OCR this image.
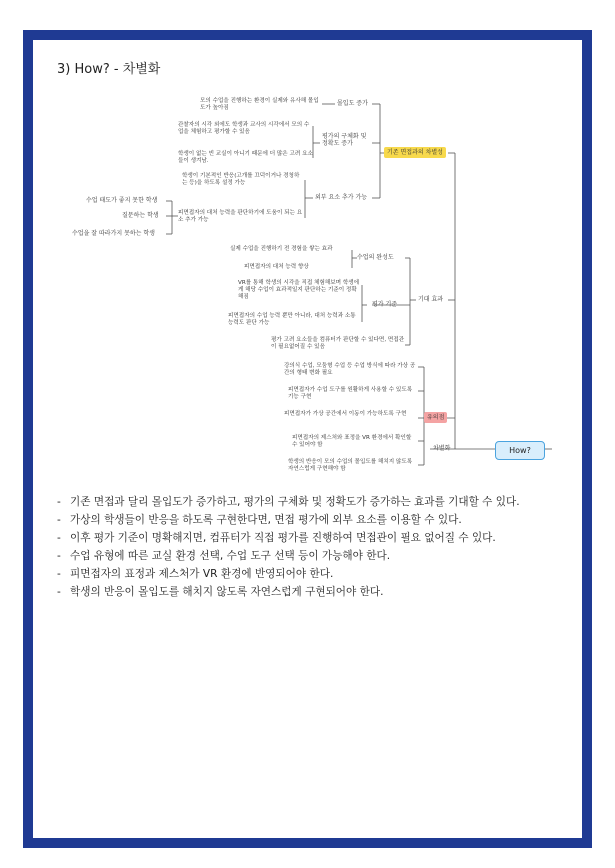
3) How? - 차별화
기존 면접과의 차별성
몰입도 증가
모의 수업을 진행하는 환경이 실제와 유사해 몰입도가 높아짐
평가의 구체화 및 정확도 증가
관찰자의 시각 외에도 학생과 교사의 시각에서 모의 수업을 체험하고 평가할 수 있음
학생이 없는 빈 교실이 아니기 때문에 더 많은 고려 요소들이 생겨남.
외부 요소 추가 가능
학생이 기본적인 반응(고개를 끄덕이거나 경청하는 등)을 하도록 설정 가능
피면접자의 대처 능력을 판단하기에 도움이 되는 요소 추가 가능
수업 태도가 좋지 못한 학생
질문하는 학생
수업을 잘 따라가지 못하는 학생
기대 효과
수업의 완성도
실제 수업을 진행하기 전 경험을 쌓는 효과
피면접자의 대처 능력 향상
평가 기준
VR를 통해 학생의 시각을 직접 체험해보며 학생에게 해당 수업이 효과적일지 판단하는 기준이 정확해짐
피면접자의 수업 능력 뿐만 아니라, 대처 능력과 소통 능력도 판단 가능
평가 고려 요소들을 컴퓨터가 판단할 수 있다면, 면접관이 필요없어질 수 있음
유의점
강의식 수업, 모둠형 수업 등 수업 방식에 따라 가상 공간의 형태 변화 필요
피면접자가 수업 도구를 원활하게 사용할 수 있도록 기능 구현
피면접자가 가상 공간에서 이동이 가능하도록 구현
피면접자의 제스처와 표정을 VR 환경에서 확인할 수 있어야 함
학생의 반응이 모의 수업의 몰입도를 해치지 않도록 자연스럽게 구현해야 함
차별화	How?
- 기존 면접과 달리 몰입도가 증가하고, 평가의 구체화 및 정확도가 증가하는 효과를 기대할 수 있다.
- 가상의 학생들이 반응을 하도록 구현한다면, 면접 평가에 외부 요소를 이용할 수 있다.
- 이후 평가 기준이 명확해지면, 컴퓨터가 직접 평가를 진행하여 면접관이 필요 없어질 수 있다.
- 수업 유형에 따른 교실 환경 선택, 수업 도구 선택 등이 가능해야 한다.
- 피면접자의 표정과 제스처가 VR 환경에 반영되어야 한다.
- 학생의 반응이 몰입도를 해치지 않도록 자연스럽게 구현되어야 한다.
